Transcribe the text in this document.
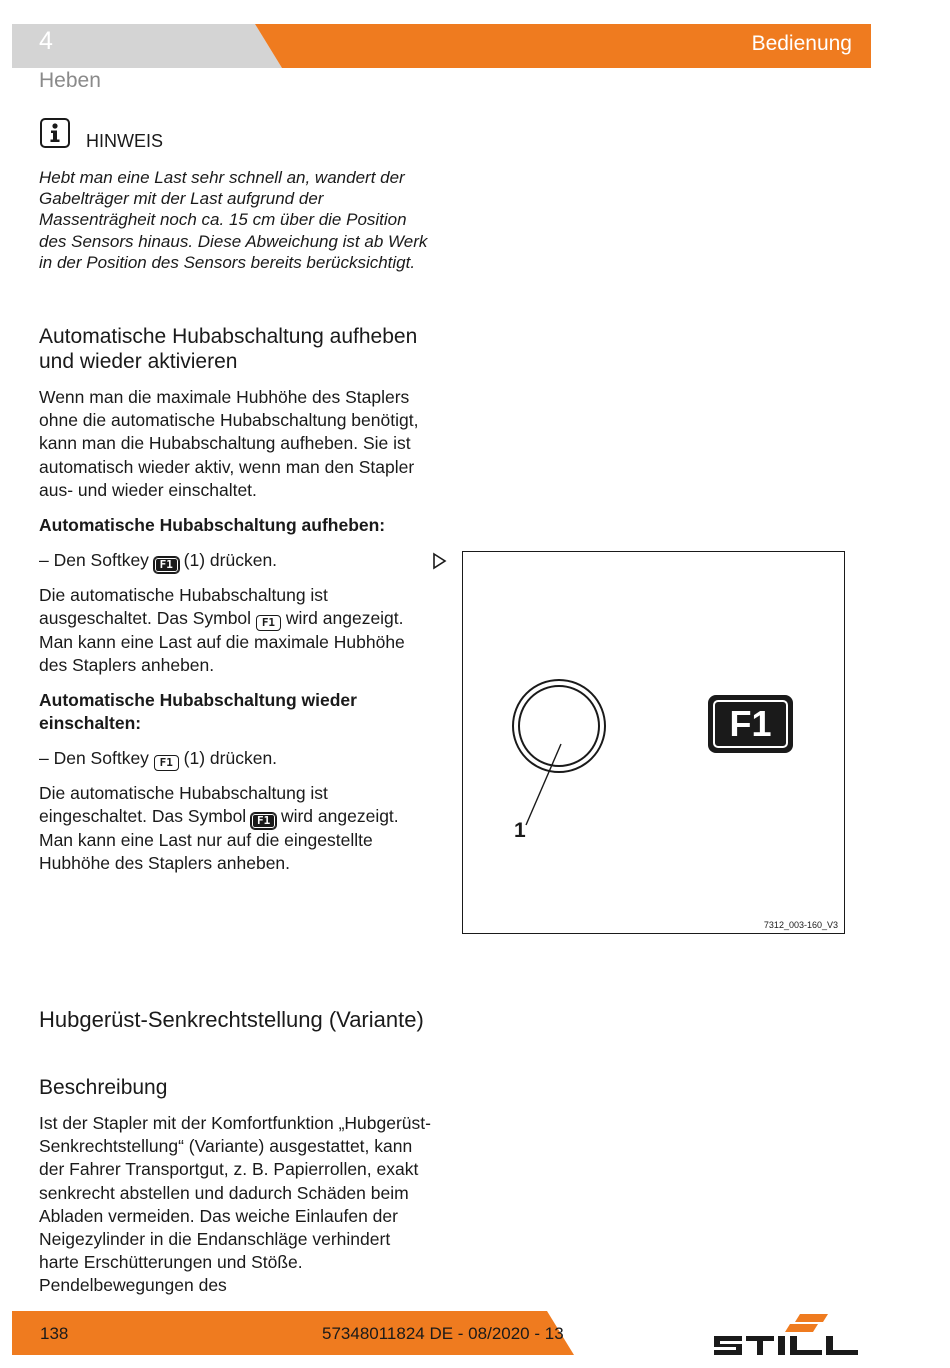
4	Bedienung
Heben
HINWEIS
Hebt man eine Last sehr schnell an, wandert der Gabelträger mit der Last aufgrund der Massenträgheit noch ca. 15 cm über die Position des Sensors hinaus. Diese Abweichung ist ab Werk in der Position des Sensors bereits berücksichtigt.
Automatische Hubabschaltung aufheben und wieder aktivieren
Wenn man die maximale Hubhöhe des Staplers ohne die automatische Hubabschaltung benötigt, kann man die Hubabschaltung aufheben. Sie ist automatisch wieder aktiv, wenn man den Stapler aus- und wieder einschaltet.
Automatische Hubabschaltung aufheben:
– Den Softkey F1 (1) drücken.
Die automatische Hubabschaltung ist ausgeschaltet. Das Symbol F1 wird angezeigt. Man kann eine Last auf die maximale Hubhöhe des Staplers anheben.
Automatische Hubabschaltung wieder einschalten:
– Den Softkey F1 (1) drücken.
Die automatische Hubabschaltung ist eingeschaltet. Das Symbol F1 wird angezeigt. Man kann eine Last nur auf die eingestellte Hubhöhe des Staplers anheben.
F1
1
7312_003-160_V3
Hubgerüst-Senkrechtstellung (Variante)
Beschreibung
Ist der Stapler mit der Komfortfunktion „Hubgerüst-Senkrechtstellung“ (Variante) ausgestattet, kann der Fahrer Transportgut, z. B. Papierrollen, exakt senkrecht abstellen und dadurch Schäden beim Abladen vermeiden. Das weiche Einlaufen der Neigezylinder in die Endanschläge verhindert harte Erschütterungen und Stöße. Pendelbewegungen des
138	57348011824 DE - 08/2020 - 13
